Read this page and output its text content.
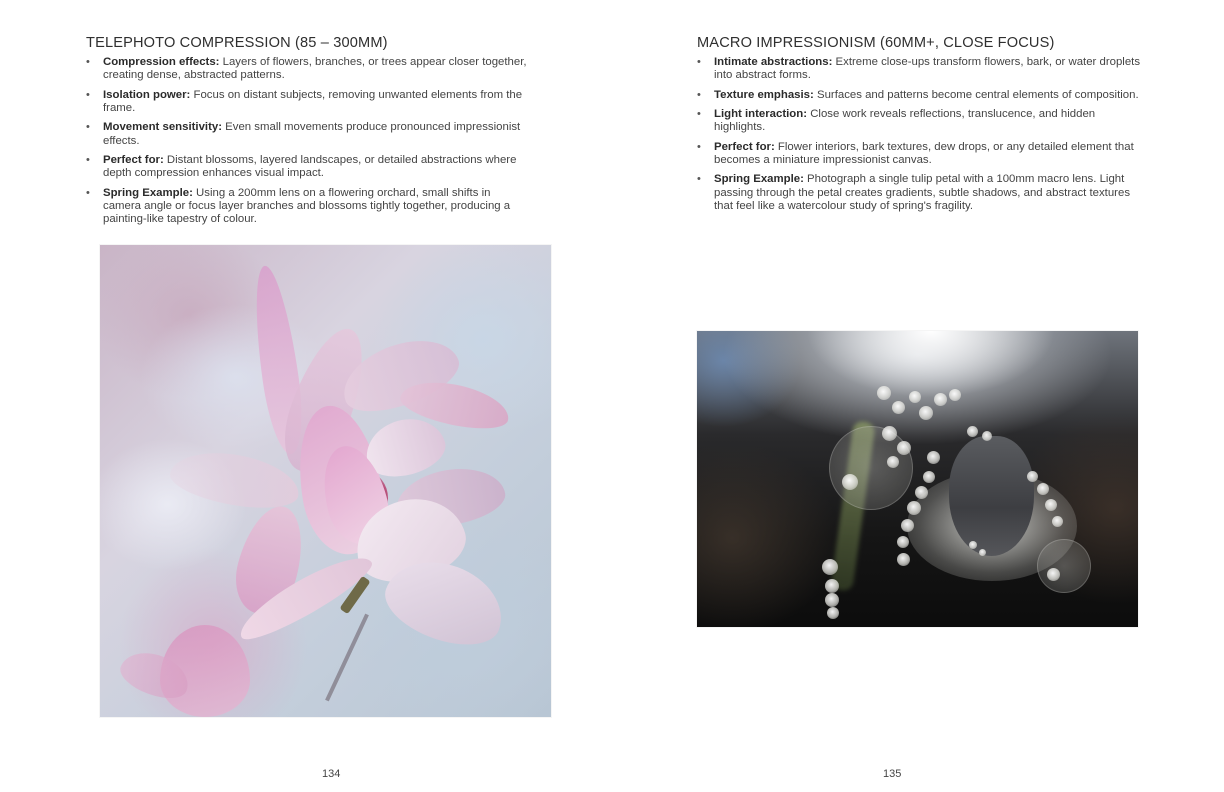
TELEPHOTO COMPRESSION (85 – 300MM)
• Compression effects: Layers of flowers, branches, or trees appear closer together, creating dense, abstracted patterns.
• Isolation power: Focus on distant subjects, removing unwanted elements from the frame.
• Movement sensitivity: Even small movements produce pronounced impressionist effects.
• Perfect for: Distant blossoms, layered landscapes, or detailed abstractions where depth compression enhances visual impact.
• Spring Example: Using a 200mm lens on a flowering orchard, small shifts in camera angle or focus layer branches and blossoms tightly together, producing a painting-like tapestry of colour.

134

MACRO IMPRESSIONISM (60MM+, CLOSE FOCUS)
• Intimate abstractions: Extreme close-ups transform flowers, bark, or water droplets into abstract forms.
• Texture emphasis: Surfaces and patterns become central elements of composition.
• Light interaction: Close work reveals reflections, translucence, and hidden highlights.
• Perfect for: Flower interiors, bark textures, dew drops, or any detailed element that becomes a miniature impressionist canvas.
• Spring Example: Photograph a single tulip petal with a 100mm macro lens. Light passing through the petal creates gradients, subtle shadows, and abstract textures that feel like a watercolour study of spring's fragility.

135
